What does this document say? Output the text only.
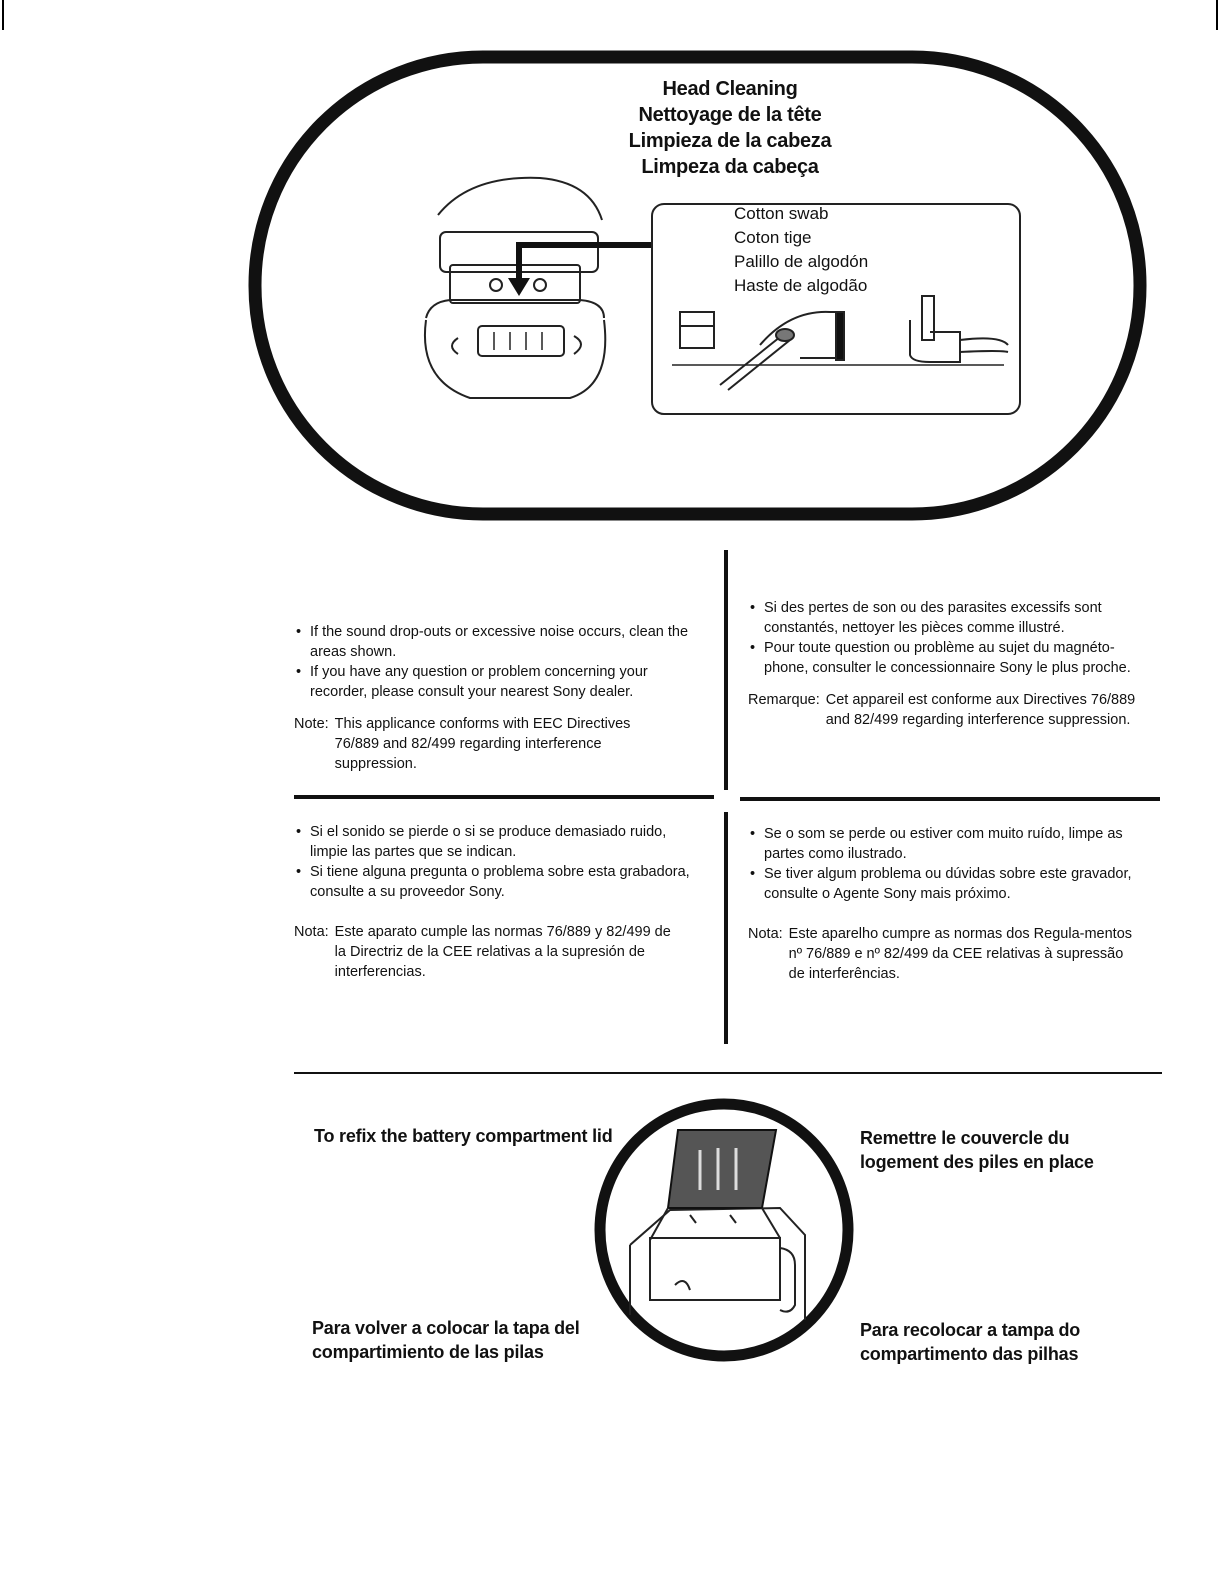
Head Cleaning
Nettoyage de la tête
Limpieza de la cabeza
Limpeza da cabeça
Cotton swab
Coton tige
Palillo de algodón
Haste de algodão
• If the sound drop-outs or excessive noise occurs, clean the areas shown.
• If you have any question or problem concerning your recorder, please consult your nearest Sony dealer.
Note: This applicance conforms with EEC Directives 76/889 and 82/499 regarding interference suppression.
• Si des pertes de son ou des parasites excessifs sont constantés, nettoyer les pièces comme illustré.
• Pour toute question ou problème au sujet du magnéto-phone, consulter le concessionnaire Sony le plus proche.
Remarque: Cet appareil est conforme aux Directives 76/889 and 82/499 regarding interference suppression.
• Si el sonido se pierde o si se produce demasiado ruido, limpie las partes que se indican.
• Si tiene alguna pregunta o problema sobre esta grabadora, consulte a su proveedor Sony.
Nota: Este aparato cumple las normas 76/889 y 82/499 de la Directriz de la CEE relativas a la supresión de interferencias.
• Se o som se perde ou estiver com muito ruído, limpe as partes como ilustrado.
• Se tiver algum problema ou dúvidas sobre este gravador, consulte o Agente Sony mais próximo.
Nota: Este aparelho cumpre as normas dos Regula-mentos nº 76/889 e nº 82/499 da CEE relativas à supressão de interferências.
To refix the battery compartment lid	Remettre le couvercle du logement des piles en place
Para volver a colocar la tapa del compartimiento de las pilas
Para recolocar a tampa do compartimento das pilhas
